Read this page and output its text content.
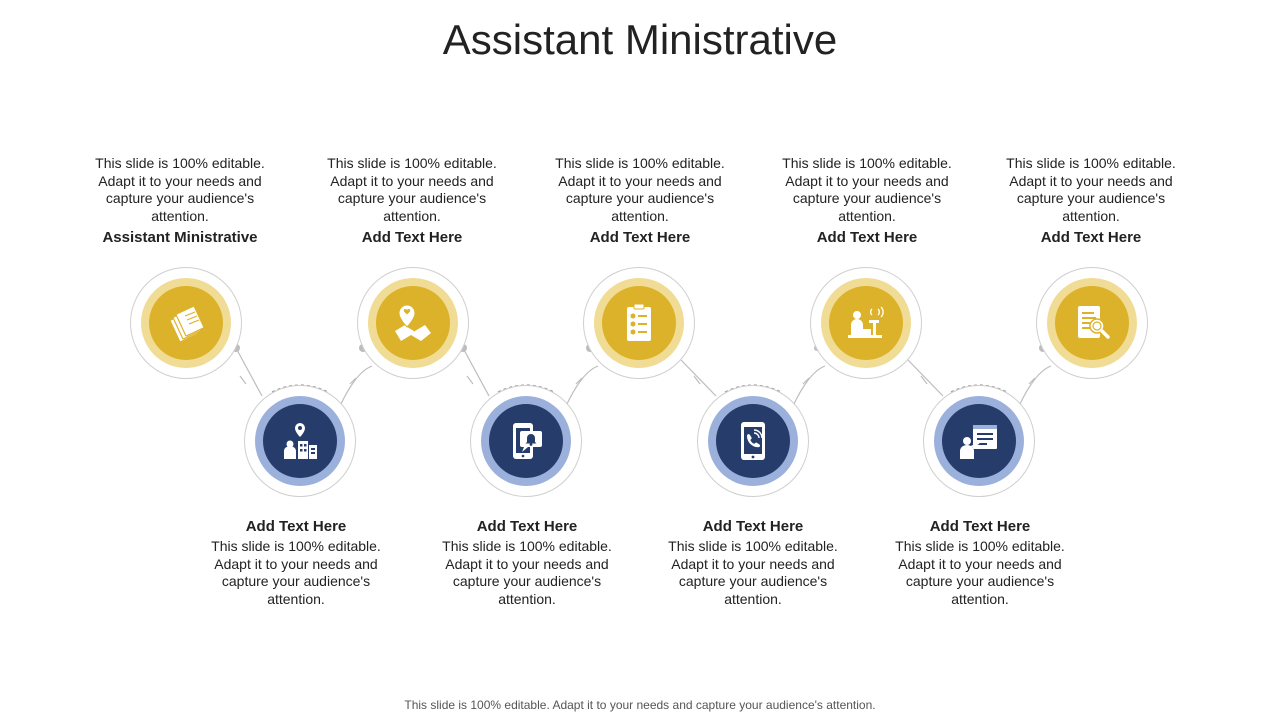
Assistant Ministrative
This slide is 100% editable. Adapt it to your needs and capture your audience's attention.
Assistant Ministrative
This slide is 100% editable. Adapt it to your needs and capture your audience's attention.
Add Text Here
This slide is 100% editable. Adapt it to your needs and capture your audience's attention.
Add Text Here
This slide is 100% editable. Adapt it to your needs and capture your audience's attention.
Add Text Here
This slide is 100% editable. Adapt it to your needs and capture your audience's attention.
Add Text Here
Add Text Here
This slide is 100% editable. Adapt it to your needs and capture your audience's attention.
Add Text Here
This slide is 100% editable. Adapt it to your needs and capture your audience's attention.
Add Text Here
This slide is 100% editable. Adapt it to your needs and capture your audience's attention.
Add Text Here
This slide is 100% editable. Adapt it to your needs and capture your audience's attention.
This slide is 100% editable. Adapt it to your needs and capture your audience's attention.
